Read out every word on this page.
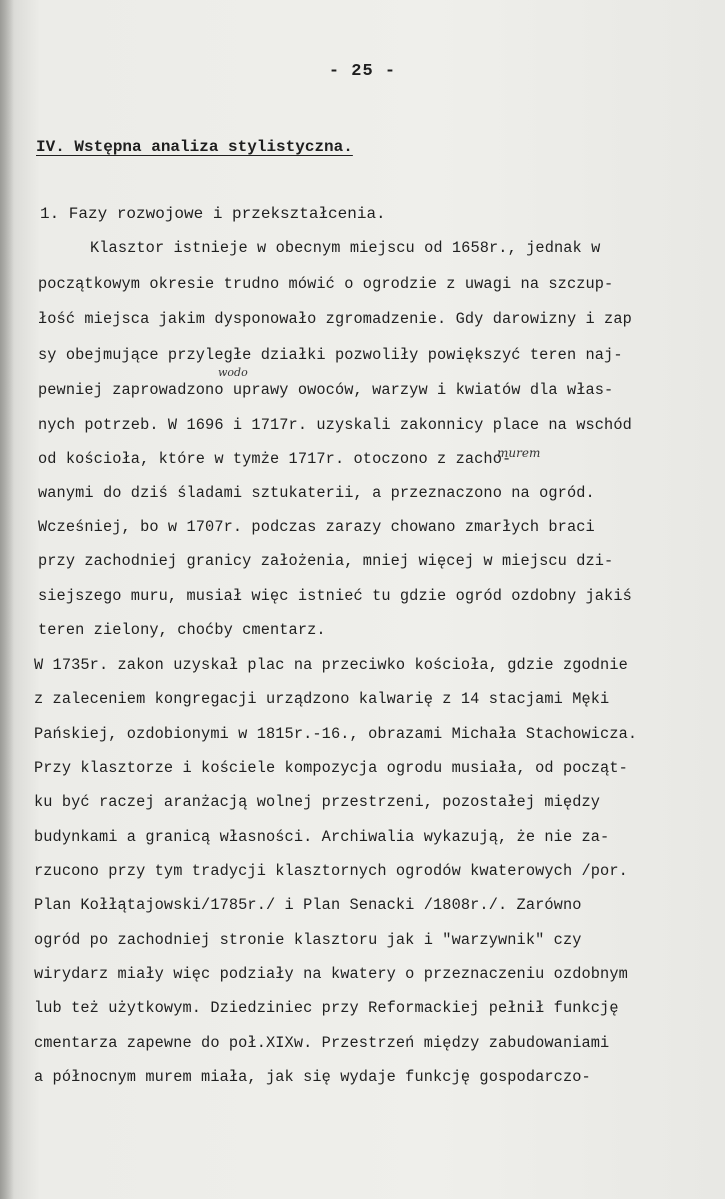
- 25 -
IV. Wstępna analiza stylistyczna.
1. Fazy rozwojowe i przekształcenia.
wodo
murem
Klasztor istnieje w obecnym miejscu od 1658r., jednak w
początkowym okresie trudno mówić o ogrodzie z uwagi na szczup-
łość miejsca jakim dysponowało zgromadzenie. Gdy darowizny i zap
sy obejmujące przyległe działki pozwoliły powiększyć teren naj-
pewniej zaprowadzono uprawy owoców, warzyw i kwiatów dla włas-
nych potrzeb. W 1696 i 1717r. uzyskali zakonnicy place na wschód
od kościoła, które w tymże 1717r. otoczono z zacho-
wanymi do dziś śladami sztukaterii, a przeznaczono na ogród.
Wcześniej, bo w 1707r. podczas zarazy chowano zmarłych braci
przy zachodniej granicy założenia, mniej więcej w miejscu dzi-
siejszego muru, musiał więc istnieć tu gdzie ogród ozdobny jakiś
teren zielony, choćby cmentarz.
W 1735r. zakon uzyskał plac na przeciwko kościoła, gdzie zgodnie
z zaleceniem kongregacji urządzono kalwarię z 14 stacjami Męki
Pańskiej, ozdobionymi w 1815r.-16., obrazami Michała Stachowicza.
Przy klasztorze i kościele kompozycja ogrodu musiała, od począt-
ku być raczej aranżacją wolnej przestrzeni, pozostałej między
budynkami a granicą własności. Archiwalia wykazują, że nie za-
rzucono przy tym tradycji klasztornych ogrodów kwaterowych /por.
Plan Kołłątajowski/1785r./ i Plan Senacki /1808r./. Zarówno
ogród po zachodniej stronie klasztoru jak i "warzywnik" czy
wirydarz miały więc podziały na kwatery o przeznaczeniu ozdobnym
lub też użytkowym. Dziedziniec przy Reformackiej pełnił funkcję
cmentarza zapewne do poł.XIXw. Przestrzeń między zabudowaniami
a północnym murem miała, jak się wydaje funkcję gospodarczo-
